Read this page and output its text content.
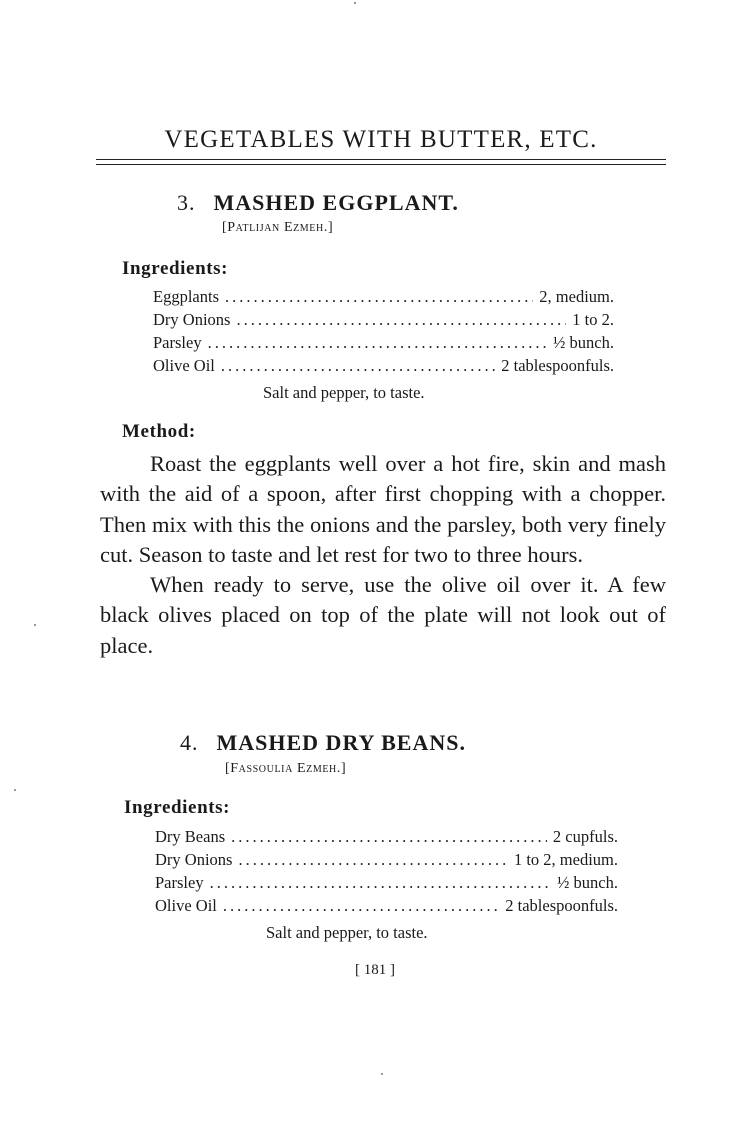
VEGETABLES WITH BUTTER, ETC.
3. MASHED EGGPLANT.
[Patlijan Ezmeh.]
Ingredients:
Eggplants .....	2, medium.
Dry Onions .....	1 to 2.
Parsley .....	½ bunch.
Olive Oil .....	2 tablespoonfuls.
Salt and pepper, to taste.
Method:

Roast the eggplants well over a hot fire, skin and mash with the aid of a spoon, after first chopping with a chopper. Then mix with this the onions and the parsley, both very finely cut. Season to taste and let rest for two to three hours.

When ready to serve, use the olive oil over it. A few black olives placed on top of the plate will not look out of place.

4. MASHED DRY BEANS.
[Fassoulia Ezmeh.]
Ingredients:
Dry Beans .....	2 cupfuls.
Dry Onions .....	1 to 2, medium.
Parsley .....	½ bunch.
Olive Oil .....	2 tablespoonfuls.
Salt and pepper, to taste.
[ 181 ]
